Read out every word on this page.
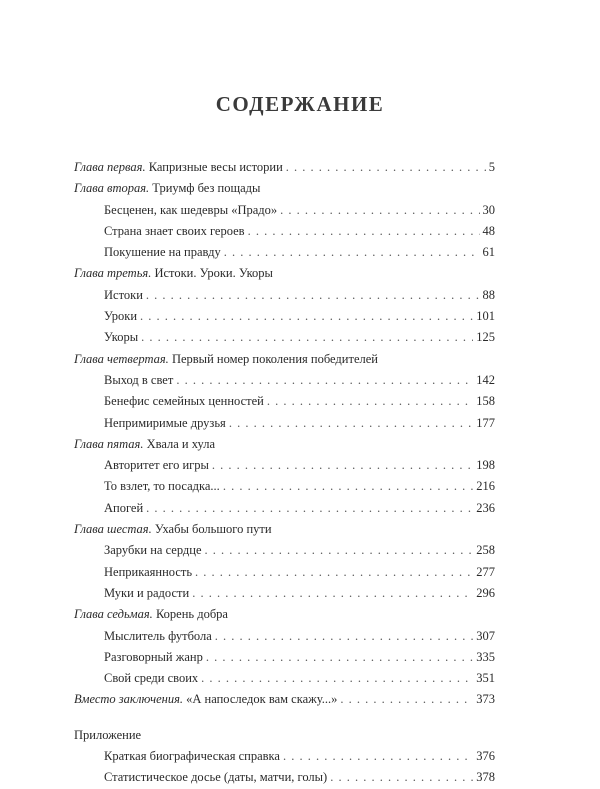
СОДЕРЖАНИЕ
Глава первая. Капризные весы истории . . .	5
Глава вторая. Триумф без пощады
Бесценен, как шедевры «Прадо» . . .	30
Страна знает своих героев . . .	48
Покушение на правду . . .	61
Глава третья. Истоки. Уроки. Укоры
Истоки . . .	88
Уроки . . .	101
Укоры . . .	125
Глава четвертая. Первый номер поколения победителей
Выход в свет . . .	142
Бенефис семейных ценностей . . .	158
Непримиримые друзья . . .	177
Глава пятая. Хвала и хула
Авторитет его игры . . .	198
То взлет, то посадка... . . .	216
Апогей . . .	236
Глава шестая. Ухабы большого пути
Зарубки на сердце . . .	258
Неприкаянность . . .	277
Муки и радости . . .	296
Глава седьмая. Корень добра
Мыслитель футбола . . .	307
Разговорный жанр . . .	335
Свой среди своих . . .	351
Вместо заключения. «А напоследок вам скажу...» . . .	373
Приложение
Краткая биографическая справка . . .	376
Статистическое досье (даты, матчи, голы) . . .	378
